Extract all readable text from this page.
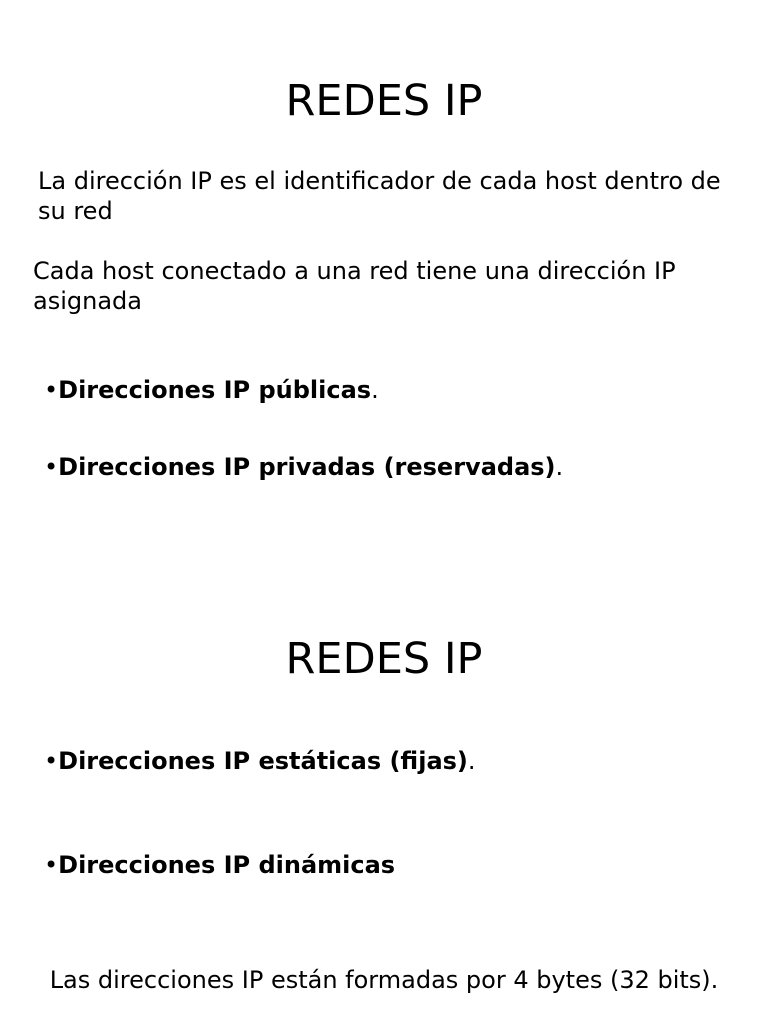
REDES IP

La dirección IP es el identificador de cada host dentro de su red

Cada host conectado a una red tiene una dirección IP asignada

•Direcciones IP públicas.

•Direcciones IP privadas (reservadas).

REDES IP

•Direcciones IP estáticas (fijas).

•Direcciones IP dinámicas

Las direcciones IP están formadas por 4 bytes (32 bits).
